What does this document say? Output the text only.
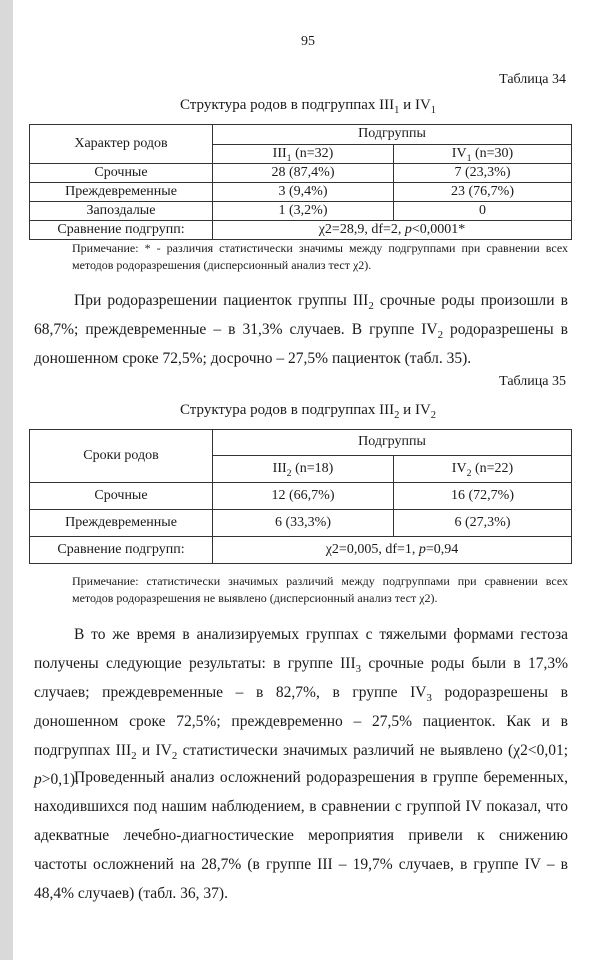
95
Таблица 34
Структура родов в подгруппах $III_1$ и $IV_1$
Характер родов	Подгруппы	
	$III_1$ (n=32)	$IV_1$ (n=30)
Срочные	28 (87,4%)	7 (23,3%)
Преждевременные	3 (9,4%)	23 (76,7%)
Запоздалые	1 (3,2%)	0
Сравнение подгрупп:	χ2=28,9, df=2, p<0,0001*	
Примечание: * - различия статистически значимы между подгруппами при сравнении всех методов родоразрешения (дисперсионный анализ тест χ2).

При родоразрешении пациенток группы $III_2$ срочные роды произошли в 68,7%; преждевременные – в 31,3% случаев. В группе $IV_2$ родоразрешены в доношенном сроке 72,5%; досрочно – 27,5% пациенток (табл. 35).

Таблица 35
Структура родов в подгруппах $III_2$ и $IV_2$
Сроки родов	Подгруппы	
	$III_2$ (n=18)	$IV_2$ (n=22)
Срочные	12 (66,7%)	16 (72,7%)
Преждевременные	6 (33,3%)	6 (27,3%)
Сравнение подгрупп:	χ2=0,005, df=1, p=0,94	
Примечание: статистически значимых различий между подгруппами при сравнении всех методов родоразрешения не выявлено (дисперсионный анализ тест χ2).

В то же время в анализируемых группах с тяжелыми формами гестоза получены следующие результаты: в группе $III_3$ срочные роды были в 17,3% случаев; преждевременные – в 82,7%, в группе $IV_3$ родоразрешены в доношенном сроке 72,5%; преждевременно – 27,5% пациенток. Как и в подгруппах $III_2$ и $IV_2$ статистически значимых различий не выявлено (χ2<0,01; p>0,1).

Проведенный анализ осложнений родоразрешения в группе беременных, находившихся под нашим наблюдением, в сравнении с группой IV показал, что адекватные лечебно-диагностические мероприятия привели к снижению частоты осложнений на 28,7% (в группе III – 19,7% случаев, в группе IV – в 48,4% случаев) (табл. 36, 37).
